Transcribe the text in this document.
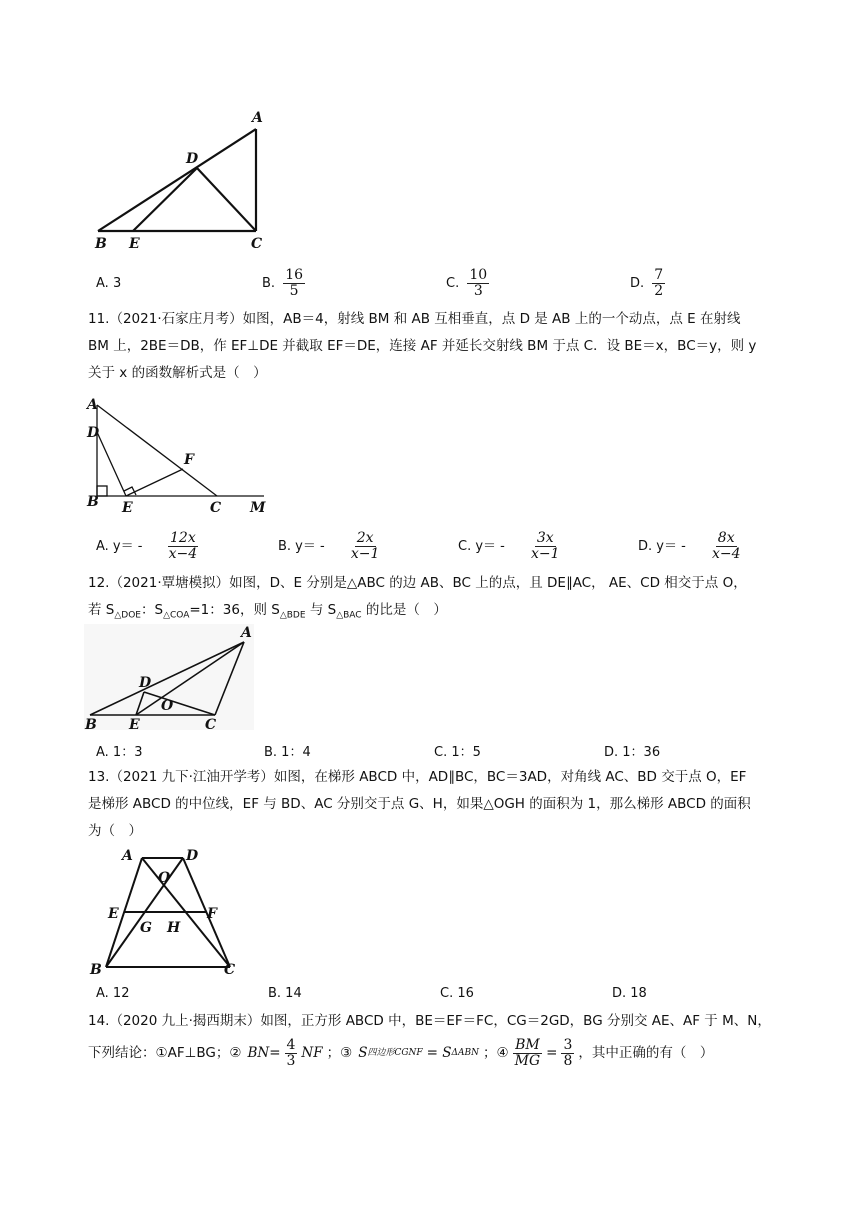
A
D
B E	C
A. 3	B. $\frac{16}{5}$	C. $\frac{10}{3}$	D. $\frac{7}{2}$
11.（2021·石家庄月考）如图，AB＝4，射线 BM 和 AB 互相垂直，点 D 是 AB 上的一个动点，点 E 在射线
BM 上，2BE＝DB，作 EF⊥DE 并截取 EF＝DE，连接 AF 并延长交射线 BM 于点 C．设 BE＝x，BC＝y，则 y
关于 x 的函数解析式是（　）
A
D
F
B E	C M
A. $y= - \frac{12x}{x-4}$	B. $y= - \frac{2x}{x-1}$	C. $y= - \frac{3x}{x-1}$	D. $y= - \frac{8x}{x-4}$
12.（2021·覃塘模拟）如图，D、E 分别是△ABC 的边 AB、BC 上的点，且 DE∥AC， AE、CD 相交于点 O，
若 $S_{\triangle DOE}$：$S_{\triangle COA}=1$：36，则 $S_{\triangle BDE}$ 与 $S_{\triangle BAC}$ 的比是（　）
A
D
O
B E	C
A. 1：3	B. 1：4	C. 1：5	D. 1：36
13.（2021 九下·江油开学考）如图，在梯形 ABCD 中，AD∥BC，BC＝3AD，对角线 AC、BD 交于点 O，EF
是梯形 ABCD 的中位线，EF 与 BD、AC 分别交于点 G、H，如果△OGH 的面积为 1，那么梯形 ABCD 的面积
为（　）
A	D
O
E
G H
F
B	C
A. 12	B. 14	C. 16	D. 18
14.（2020 九上·揭西期末）如图，正方形 ABCD 中，BE＝EF＝FC，CG＝2GD，BG 分别交 AE、AF 于 M、N，
下列结论：①AF⊥BG；② BN = $\frac{4}{3}$ NF ；③ S 四边形CGNF = S ΔABN ；④ $\frac{BM}{MG} = \frac{3}{8}$ ，其中正确的有（　）
